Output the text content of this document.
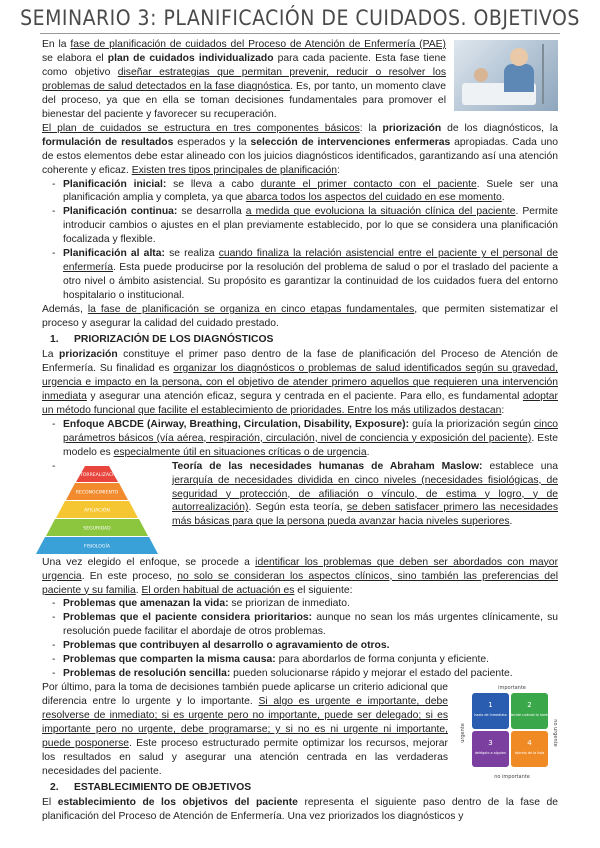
SEMINARIO 3: PLANIFICACIÓN DE CUIDADOS. OBJETIVOS

En la fase de planificación de cuidados del Proceso de Atención de Enfermería (PAE) se elabora el plan de cuidados individualizado para cada paciente. Esta fase tiene como objetivo diseñar estrategias que permitan prevenir, reducir o resolver los problemas de salud detectados en la fase diagnóstica. Es, por tanto, un momento clave del proceso, ya que en ella se toman decisiones fundamentales para promover el bienestar del paciente y favorecer su recuperación.

El plan de cuidados se estructura en tres componentes básicos: la priorización de los diagnósticos, la formulación de resultados esperados y la selección de intervenciones enfermeras apropiadas. Cada uno de estos elementos debe estar alineado con los juicios diagnósticos identificados, garantizando así una atención coherente y eficaz. Existen tres tipos principales de planificación:

- Planificación inicial: se lleva a cabo durante el primer contacto con el paciente. Suele ser una planificación amplia y completa, ya que abarca todos los aspectos del cuidado en ese momento.

- Planificación continua: se desarrolla a medida que evoluciona la situación clínica del paciente. Permite introducir cambios o ajustes en el plan previamente establecido, por lo que se considera una planificación focalizada y flexible.

- Planificación al alta: se realiza cuando finaliza la relación asistencial entre el paciente y el personal de enfermería. Esta puede producirse por la resolución del problema de salud o por el traslado del paciente a otro nivel o ámbito asistencial. Su propósito es garantizar la continuidad de los cuidados fuera del entorno hospitalario o institucional.

Además, la fase de planificación se organiza en cinco etapas fundamentales, que permiten sistematizar el proceso y asegurar la calidad del cuidado prestado.

1. PRIORIZACIÓN DE LOS DIAGNÓSTICOS

La priorización constituye el primer paso dentro de la fase de planificación del Proceso de Atención de Enfermería. Su finalidad es organizar los diagnósticos o problemas de salud identificados según su gravedad, urgencia e impacto en la persona, con el objetivo de atender primero aquellos que requieren una intervención inmediata y asegurar una atención eficaz, segura y centrada en el paciente. Para ello, es fundamental adoptar un método funcional que facilite el establecimiento de prioridades. Entre los más utilizados destacan:

- Enfoque ABCDE (Airway, Breathing, Circulation, Disability, Exposure): guía la priorización según cinco parámetros básicos (vía aérea, respiración, circulación, nivel de conciencia y exposición del paciente). Este modelo es especialmente útil en situaciones críticas o de urgencia.

AUTORREALIZACIÓN
RECONOCIMIENTO
AFILIACIÓN
SEGURIDAD
FISIOLOGÍA

- Teoría de las necesidades humanas de Abraham Maslow: establece una jerarquía de necesidades dividida en cinco niveles (necesidades fisiológicas, de seguridad y protección, de afiliación o vínculo, de estima y logro, y de autorrealización). Según esta teoría, se deben satisfacer primero las necesidades más básicas para que la persona pueda avanzar hacia niveles superiores.

Una vez elegido el enfoque, se procede a identificar los problemas que deben ser abordados con mayor urgencia. En este proceso, no solo se consideran los aspectos clínicos, sino también las preferencias del paciente y su familia. El orden habitual de actuación es el siguiente:

- Problemas que amenazan la vida: se priorizan de inmediato.

- Problemas que el paciente considera prioritarios: aunque no sean los más urgentes clínicamente, su resolución puede facilitar el abordaje de otros problemas.

- Problemas que contribuyen al desarrollo o agravamiento de otros.

- Problemas que comparten la misma causa: para abordarlos de forma conjunta y eficiente.

- Problemas de resolución sencilla: pueden solucionarse rápido y mejorar el estado del paciente.

importante
no importante
urgente	no urgente
1	2
3	4
hazlo de inmediato decide cuándo lo harás
delégalo a alguien	bórralo de la lista

Por último, para la toma de decisiones también puede aplicarse un criterio adicional que diferencia entre lo urgente y lo importante. Si algo es urgente e importante, debe resolverse de inmediato; si es urgente pero no importante, puede ser delegado; si es importante pero no urgente, debe programarse; y si no es ni urgente ni importante, puede posponerse. Este proceso estructurado permite optimizar los recursos, mejorar los resultados en salud y asegurar una atención centrada en las verdaderas necesidades del paciente.

2. ESTABLECIMIENTO DE OBJETIVOS

El establecimiento de los objetivos del paciente representa el siguiente paso dentro de la fase de planificación del Proceso de Atención de Enfermería. Una vez priorizados los diagnósticos y
